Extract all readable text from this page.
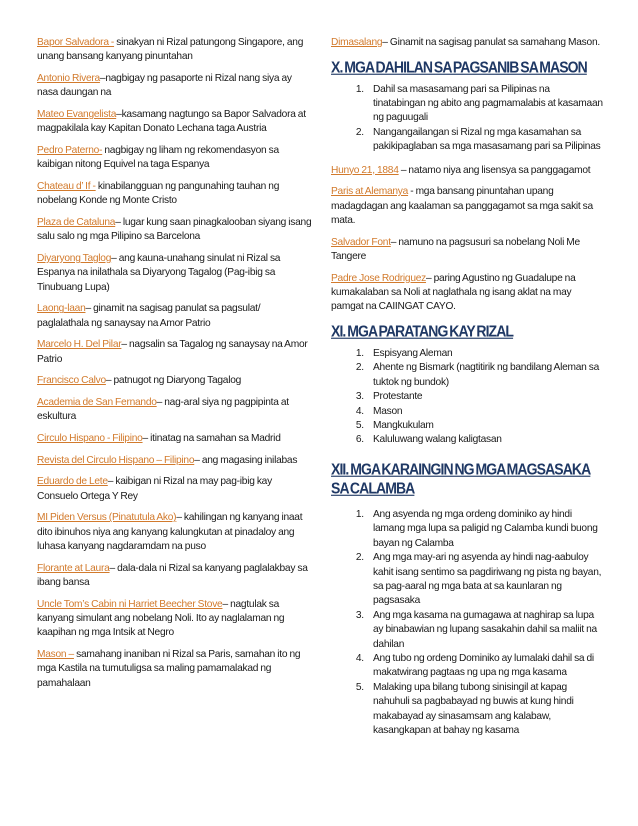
Bapor Salvadora - sinakyan ni Rizal patungong Singapore, ang unang bansang kanyang pinuntahan

Antonio Rivera–nagbigay ng pasaporte ni Rizal nang siya ay nasa daungan na

Mateo Evangelista–kasamang nagtungo sa Bapor Salvadora at magpakilala kay Kapitan Donato Lechana taga Austria

Pedro Paterno- nagbigay ng liham ng rekomendasyon sa kaibigan nitong Equivel na taga Espanya

Chateau d’ If - kinabilangguan ng pangunahing tauhan ng nobelang Konde ng Monte Cristo

Plaza de Cataluna– lugar kung saan pinagkalooban siyang isang salu salo ng mga Pilipino sa Barcelona

Diyaryong Taglog– ang kauna-unahang sinulat ni Rizal sa Espanya na inilathala sa Diyaryong Tagalog (Pag-ibig sa Tinubuang Lupa)

Laong-laan– ginamit na sagisag panulat sa pagsulat/ paglalathala ng sanaysay na Amor Patrio

Marcelo H. Del Pilar– nagsalin sa Tagalog ng sanaysay na Amor Patrio

Francisco Calvo– patnugot ng Diaryong Tagalog

Academia de San Fernando– nag-aral siya ng pagpipinta at eskultura

Circulo Hispano - Filipino– itinatag na samahan sa Madrid

Revista del Circulo Hispano – Filipino– ang magasing inilabas

Eduardo de Lete– kaibigan ni Rizal na may pag-ibig kay Consuelo Ortega Y Rey

MI Piden Versus (Pinatutula Ako)– kahilingan ng kanyang inaat dito ibinuhos niya ang kanyang kalungkutan at pinadaloy ang luhasa kanyang nagdaramdam na puso

Florante at Laura– dala-dala ni Rizal sa kanyang paglalakbay sa ibang bansa

Uncle Tom’s Cabin ni Harriet Beecher Stove– nagtulak sa kanyang simulant ang nobelang Noli. Ito ay naglalaman ng kaapihan ng mga Intsik at Negro

Mason – samahang inaniban ni Rizal sa Paris, samahan ito ng mga Kastila na tumutuligsa sa maling pamamalakad ng pamahalaan

Dimasalang– Ginamit na sagisag panulat sa samahang Mason.

X. MGA DAHILAN SA PAGSANIB SA MASON
1. Dahil sa masasamang pari sa Pilipinas na tinatabingan ng abito ang pagmamalabis at kasamaan ng paguugali
2. Nangangailangan si Rizal ng mga kasamahan sa pakikipaglaban sa mga masasamang pari sa Pilipinas

Hunyo 21, 1884 – natamo niya ang lisensya sa panggagamot

Paris at Alemanya - mga bansang pinuntahan upang madagdagan ang kaalaman sa panggagamot sa mga sakit sa mata.

Salvador Font– namuno na pagsusuri sa nobelang Noli Me Tangere

Padre Jose Rodriguez– paring Agustino ng Guadalupe na kumakalaban sa Noli at naglathala ng isang aklat na may pamgat na CAIINGAT CAYO.

XI. MGA PARATANG KAY RIZAL
1. Espisyang Aleman
2. Ahente ng Bismark (nagtitirik ng bandilang Aleman sa tuktok ng bundok)
3. Protestante
4. Mason
5. Mangkukulam
6. Kaluluwang walang kaligtasan
XII. MGA KARAINGIN NG MGA MAGSASAKA SA CALAMBA
1. Ang asyenda ng mga ordeng dominiko ay hindi lamang mga lupa sa paligid ng Calamba kundi buong bayan ng Calamba
2. Ang mga may-ari ng asyenda ay hindi nag-aabuloy kahit isang sentimo sa pagdiriwang ng pista ng bayan, sa pag-aaral ng mga bata at sa kaunlaran ng pagsasaka
3. Ang mga kasama na gumagawa at naghirap sa lupa ay binabawian ng lupang sasakahin dahil sa maliit na dahilan
4. Ang tubo ng ordeng Dominiko ay lumalaki dahil sa di makatwirang pagtaas ng upa ng mga kasama
5. Malaking upa bilang tubong sinisingil at kapag nahuhuli sa pagbabayad ng buwis at kung hindi makabayad ay sinasamsam ang kalabaw, kasangkapan at bahay ng kasama
